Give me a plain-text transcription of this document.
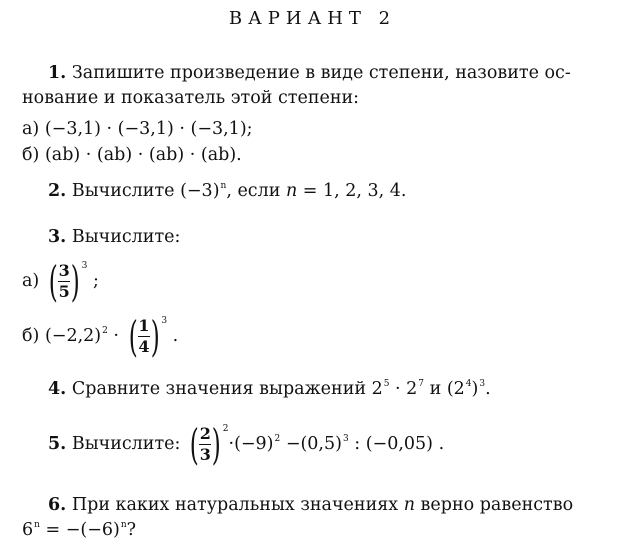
ВАРИАНТ 2
1. Запишите произведение в виде степени, назовите ос-
нование и показатель этой степени:
а) (−3,1) · (−3,1) · (−3,1);
б) (ab) · (ab) · (ab) · (ab).
2. Вычислите $(-3)^n$, если n = 1, 2, 3, 4.
3. Вычислите:
а) ( $\frac{3}{5}$ ) 3
;
б) $(-2,2)^2$ · ( $\frac{1}{4}$ ) 3
.
4. Сравните значения выражений $2^5 \cdot 2^7$ и $(2^4)^3$.
5. Вычислите: ( $\frac{2}{3}$ ) 2
$\cdot(-9)^2 -(0,5)^3$ : (−0,05) .
6. При каких натуральных значениях n верно равенство
$6^n = -(-6)^n$?
